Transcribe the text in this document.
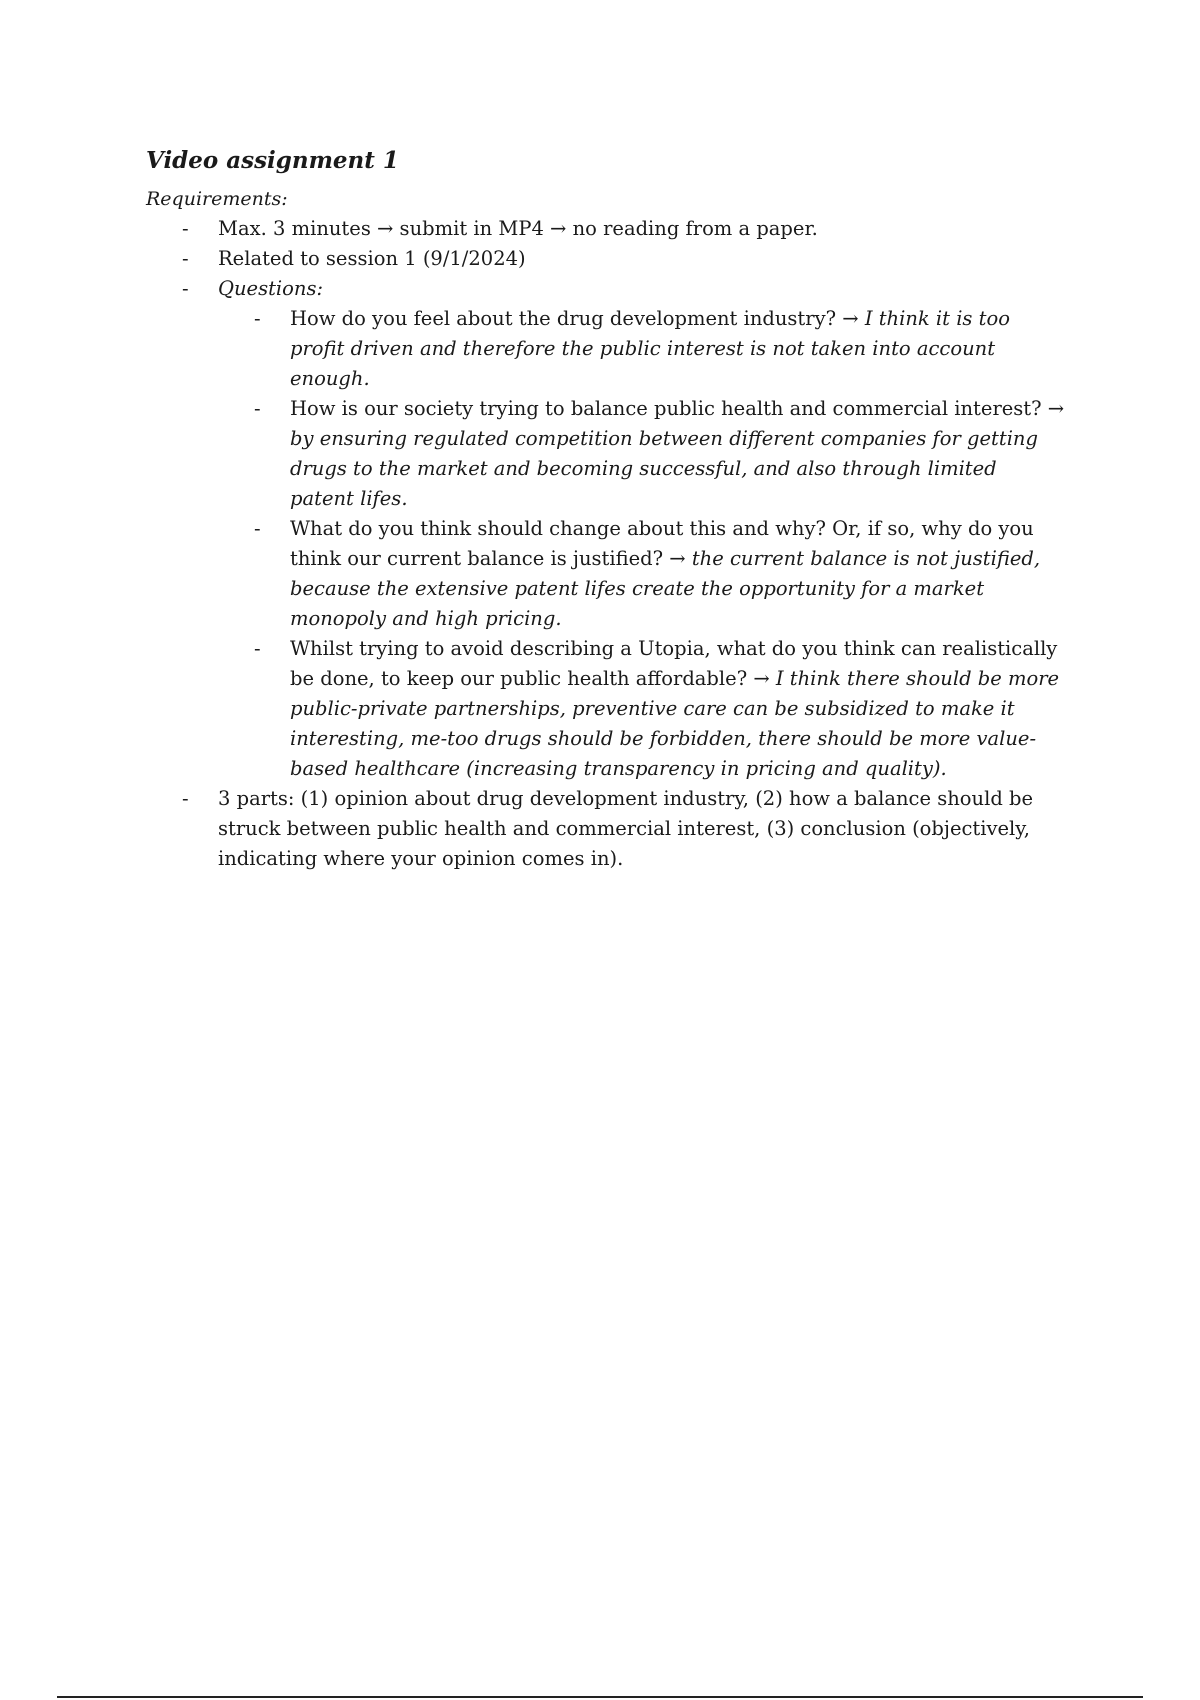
Video assignment 1

Requirements:

- Max. 3 minutes → submit in MP4 → no reading from a paper.
- Related to session 1 (9/1/2024)
- Questions:
- How do you feel about the drug development industry? → I think it is too profit driven and therefore the public interest is not taken into account enough.
- How is our society trying to balance public health and commercial interest? → by ensuring regulated competition between different companies for getting drugs to the market and becoming successful, and also through limited patent lifes.
- What do you think should change about this and why? Or, if so, why do you think our current balance is justified? → the current balance is not justified, because the extensive patent lifes create the opportunity for a market monopoly and high pricing.
- Whilst trying to avoid describing a Utopia, what do you think can realistically be done, to keep our public health affordable? → I think there should be more public-private partnerships, preventive care can be subsidized to make it interesting, me-too drugs should be forbidden, there should be more value-based healthcare (increasing transparency in pricing and quality).
- 3 parts: (1) opinion about drug development industry, (2) how a balance should be struck between public health and commercial interest, (3) conclusion (objectively, indicating where your opinion comes in).
